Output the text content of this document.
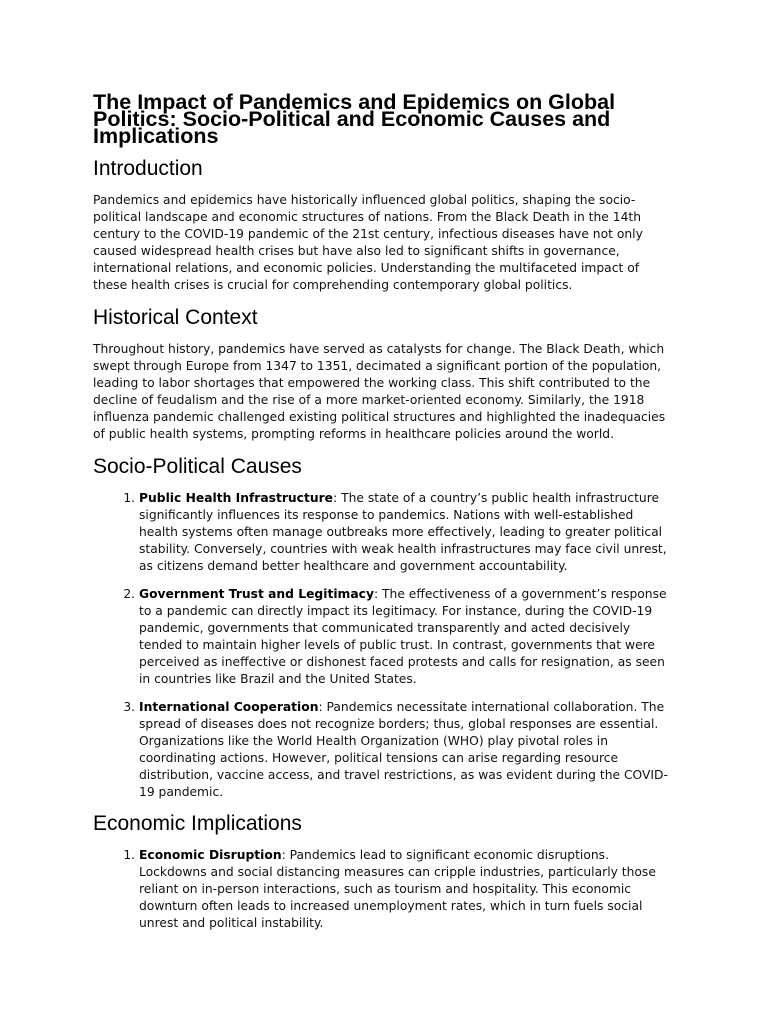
The Impact of Pandemics and Epidemics on Global Politics: Socio-Political and Economic Causes and Implications
Introduction

Pandemics and epidemics have historically influenced global politics, shaping the socio-political landscape and economic structures of nations. From the Black Death in the 14th century to the COVID-19 pandemic of the 21st century, infectious diseases have not only caused widespread health crises but have also led to significant shifts in governance, international relations, and economic policies. Understanding the multifaceted impact of these health crises is crucial for comprehending contemporary global politics.

Historical Context

Throughout history, pandemics have served as catalysts for change. The Black Death, which swept through Europe from 1347 to 1351, decimated a significant portion of the population, leading to labor shortages that empowered the working class. This shift contributed to the decline of feudalism and the rise of a more market-oriented economy. Similarly, the 1918 influenza pandemic challenged existing political structures and highlighted the inadequacies of public health systems, prompting reforms in healthcare policies around the world.

Socio-Political Causes
1. Public Health Infrastructure: The state of a country’s public health infrastructure significantly influences its response to pandemics. Nations with well-established health systems often manage outbreaks more effectively, leading to greater political stability. Conversely, countries with weak health infrastructures may face civil unrest, as citizens demand better healthcare and government accountability.
2. Government Trust and Legitimacy: The effectiveness of a government’s response to a pandemic can directly impact its legitimacy. For instance, during the COVID-19 pandemic, governments that communicated transparently and acted decisively tended to maintain higher levels of public trust. In contrast, governments that were perceived as ineffective or dishonest faced protests and calls for resignation, as seen in countries like Brazil and the United States.
3. International Cooperation: Pandemics necessitate international collaboration. The spread of diseases does not recognize borders; thus, global responses are essential. Organizations like the World Health Organization (WHO) play pivotal roles in coordinating actions. However, political tensions can arise regarding resource distribution, vaccine access, and travel restrictions, as was evident during the COVID-19 pandemic.
Economic Implications
1. Economic Disruption: Pandemics lead to significant economic disruptions. Lockdowns and social distancing measures can cripple industries, particularly those reliant on in-person interactions, such as tourism and hospitality. This economic downturn often leads to increased unemployment rates, which in turn fuels social unrest and political instability.
